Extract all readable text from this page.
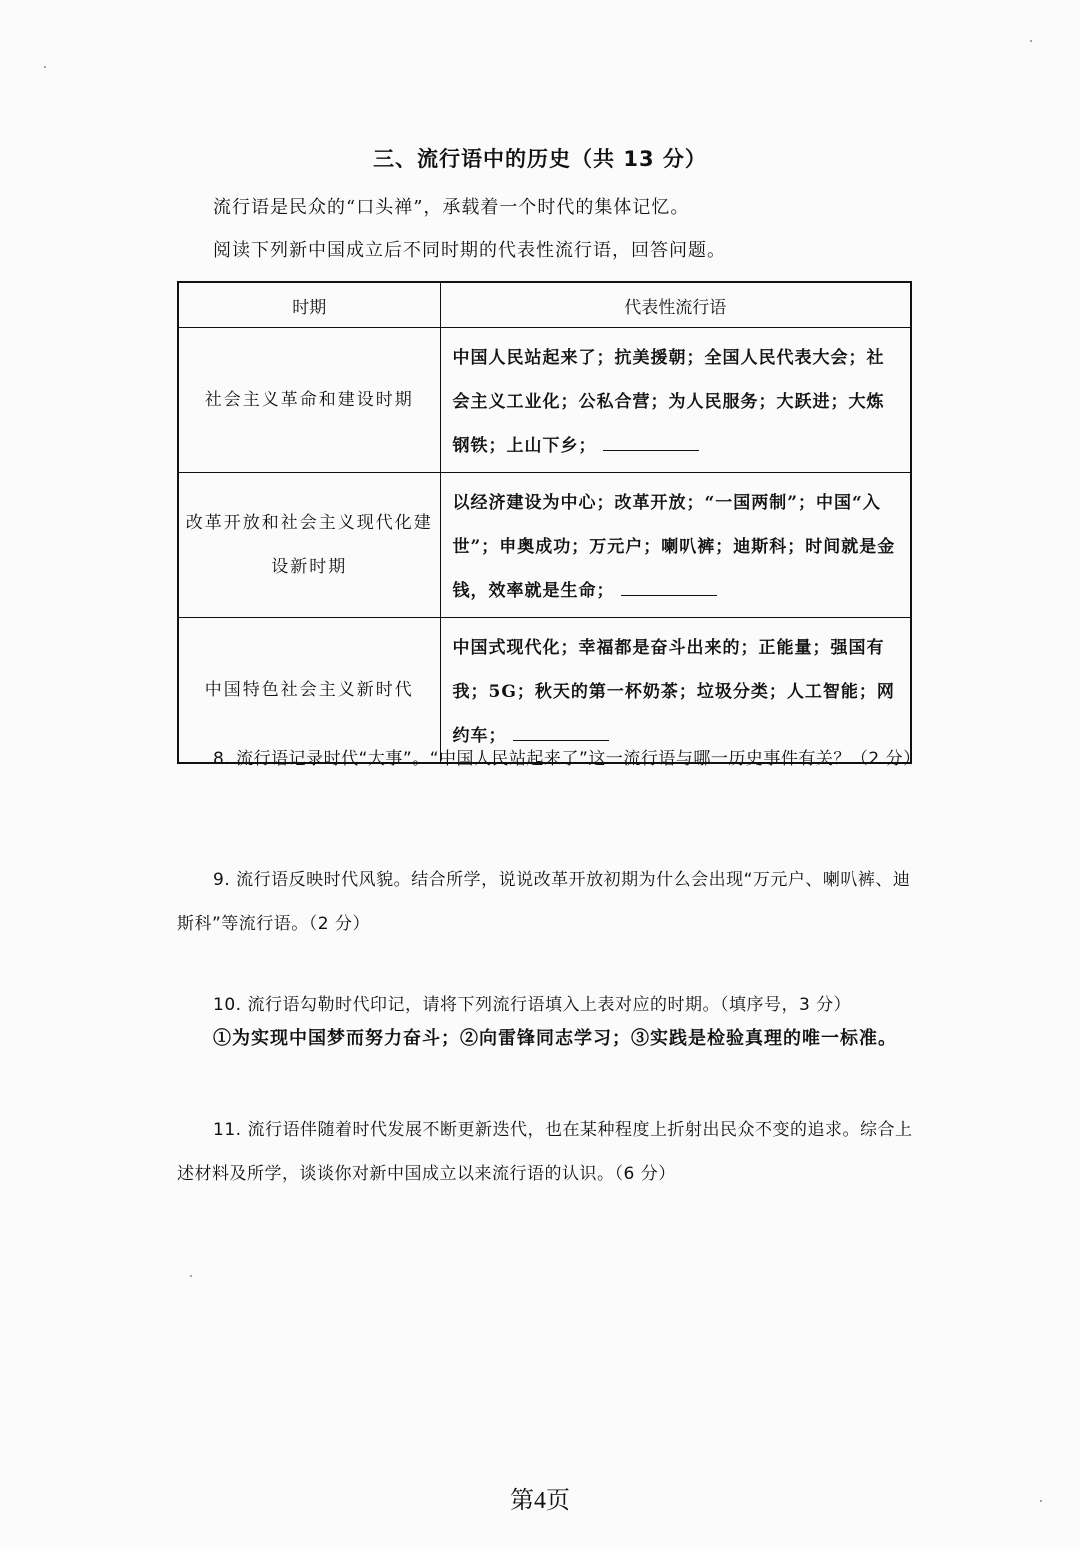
三、流行语中的历史（共 13 分）
流行语是民众的“口头禅”，承载着一个时代的集体记忆。
阅读下列新中国成立后不同时期的代表性流行语，回答问题。
时期	代表性流行语
社会主义革命和建设时期	中国人民站起来了；抗美援朝；全国人民代表大会；社会主义工业化；公私合营；为人民服务；大跃进；大炼钢铁；上山下乡；
改革开放和社会主义现代化建设新时期	以经济建设为中心；改革开放；“一国两制”；中国“入世”；申奥成功；万元户；喇叭裤；迪斯科；时间就是金钱，效率就是生命；
中国特色社会主义新时代	中国式现代化；幸福都是奋斗出来的；正能量；强国有我；5G；秋天的第一杯奶茶；垃圾分类；人工智能；网约车；
8. 流行语记录时代“大事”。“中国人民站起来了”这一流行语与哪一历史事件有关？（2 分）
9. 流行语反映时代风貌。结合所学，说说改革开放初期为什么会出现“万元户、喇叭裤、迪斯科”等流行语。（2 分）
10. 流行语勾勒时代印记，请将下列流行语填入上表对应的时期。（填序号，3 分）
①为实现中国梦而努力奋斗；②向雷锋同志学习；③实践是检验真理的唯一标准。
11. 流行语伴随着时代发展不断更新迭代，也在某种程度上折射出民众不变的追求。综合上述材料及所学，谈谈你对新中国成立以来流行语的认识。（6 分）
第4页
